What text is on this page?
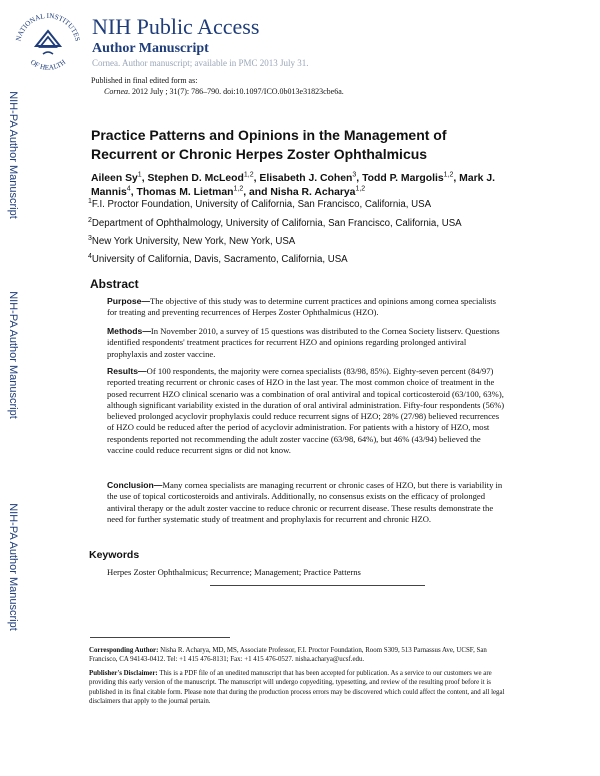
NATIONAL INSTITUTES
OF HEALTH
NIH Public Access
Author Manuscript
Cornea. Author manuscript; available in PMC 2013 July 31.
Published in final edited form as:
Cornea. 2012 July ; 31(7): 786–790. doi:10.1097/ICO.0b013e31823cbe6a.
NIH-PA Author Manuscript
NIH-PA Author Manuscript
NIH-PA Author Manuscript
Practice Patterns and Opinions in the Management of Recurrent or Chronic Herpes Zoster Ophthalmicus
Aileen Sy$^1$, Stephen D. McLeod$^{1,2}$, Elisabeth J. Cohen$^3$, Todd P. Margolis$^{1,2}$, Mark J. Mannis$^4$, Thomas M. Lietman$^{1,2}$, and Nisha R. Acharya$^{1,2}$
$^1$F.I. Proctor Foundation, University of California, San Francisco, California, USA
$^2$Department of Ophthalmology, University of California, San Francisco, California, USA
$^3$New York University, New York, New York, USA
$^4$University of California, Davis, Sacramento, California, USA
Abstract
Purpose—The objective of this study was to determine current practices and opinions among cornea specialists for treating and preventing recurrences of Herpes Zoster Ophthalmicus (HZO).
Methods—In November 2010, a survey of 15 questions was distributed to the Cornea Society listserv. Questions identified respondents' treatment practices for recurrent HZO and opinions regarding prolonged antiviral prophylaxis and zoster vaccine.
Results—Of 100 respondents, the majority were cornea specialists (83/98, 85%). Eighty-seven percent (84/97) reported treating recurrent or chronic cases of HZO in the last year. The most common choice of treatment in the posed recurrent HZO clinical scenario was a combination of oral antiviral and topical corticosteroid (63/100, 63%), although significant variability existed in the duration of oral antiviral administration. Fifty-four respondents (56%) believed prolonged acyclovir prophylaxis could reduce recurrent signs of HZO; 28% (27/98) believed recurrences of HZO could be reduced after the period of acyclovir administration. For patients with a history of HZO, most respondents reported not recommending the adult zoster vaccine (63/98, 64%), but 46% (43/94) believed the vaccine could reduce recurrent signs or did not know.
Conclusion—Many cornea specialists are managing recurrent or chronic cases of HZO, but there is variability in the use of topical corticosteroids and antivirals. Additionally, no consensus exists on the efficacy of prolonged antiviral therapy or the adult zoster vaccine to reduce chronic or recurrent disease. These results demonstrate the need for further systematic study of treatment and prophylaxis for recurrent and chronic HZO.
Keywords
Herpes Zoster Ophthalmicus; Recurrence; Management; Practice Patterns
Corresponding Author: Nisha R. Acharya, MD, MS, Associate Professor, F.I. Proctor Foundation, Room S309, 513 Parnassus Ave, UCSF, San Francisco, CA 94143-0412. Tel: +1 415 476-8131; Fax: +1 415 476-0527. nisha.acharya@ucsf.edu.
Publisher's Disclaimer: This is a PDF file of an unedited manuscript that has been accepted for publication. As a service to our customers we are providing this early version of the manuscript. The manuscript will undergo copyediting, typesetting, and review of the resulting proof before it is published in its final citable form. Please note that during the production process errors may be discovered which could affect the content, and all legal disclaimers that apply to the journal pertain.
